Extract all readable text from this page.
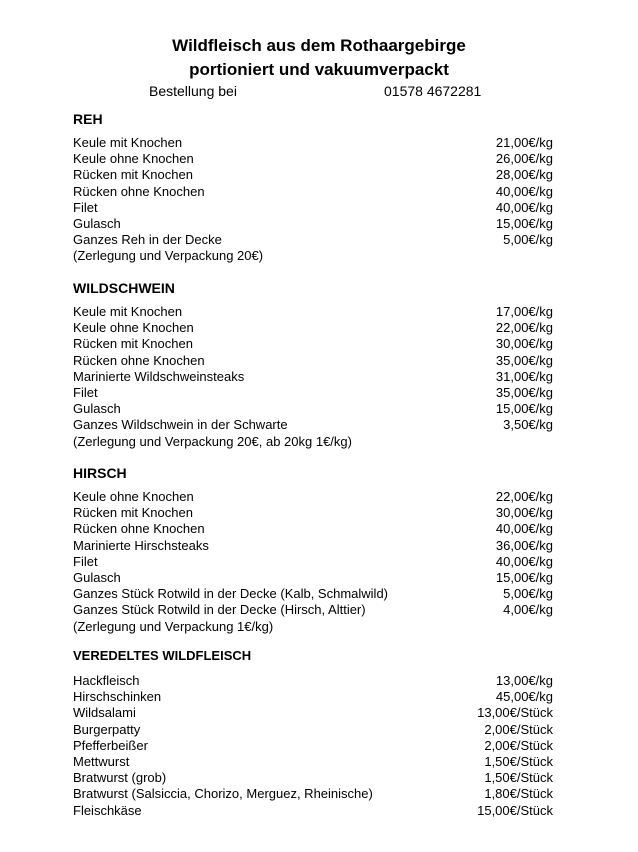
Wildfleisch aus dem Rothaargebirge
portioniert und vakuumverpackt
Bestellung bei	01578 4672281
REH
Keule mit Knochen	21,00€/kg
Keule ohne Knochen	26,00€/kg
Rücken mit Knochen	28,00€/kg
Rücken ohne Knochen	40,00€/kg
Filet	40,00€/kg
Gulasch	15,00€/kg
Ganzes Reh in der Decke	5,00€/kg
(Zerlegung und Verpackung 20€)
WILDSCHWEIN
Keule mit Knochen	17,00€/kg
Keule ohne Knochen	22,00€/kg
Rücken mit Knochen	30,00€/kg
Rücken ohne Knochen	35,00€/kg
Marinierte Wildschweinsteaks	31,00€/kg
Filet	35,00€/kg
Gulasch	15,00€/kg
Ganzes Wildschwein in der Schwarte	3,50€/kg
(Zerlegung und Verpackung 20€, ab 20kg 1€/kg)
HIRSCH
Keule ohne Knochen	22,00€/kg
Rücken mit Knochen	30,00€/kg
Rücken ohne Knochen	40,00€/kg
Marinierte Hirschsteaks	36,00€/kg
Filet	40,00€/kg
Gulasch	15,00€/kg
Ganzes Stück Rotwild in der Decke (Kalb, Schmalwild)	5,00€/kg
Ganzes Stück Rotwild in der Decke (Hirsch, Alttier)	4,00€/kg
(Zerlegung und Verpackung 1€/kg)
VEREDELTES WILDFLEISCH
Hackfleisch	13,00€/kg
Hirschschinken	45,00€/kg
Wildsalami	13,00€/Stück
Burgerpatty	2,00€/Stück
Pfefferbeißer	2,00€/Stück
Mettwurst	1,50€/Stück
Bratwurst (grob)	1,50€/Stück
Bratwurst (Salsiccia, Chorizo, Merguez, Rheinische)	1,80€/Stück
Fleischkäse	15,00€/Stück
